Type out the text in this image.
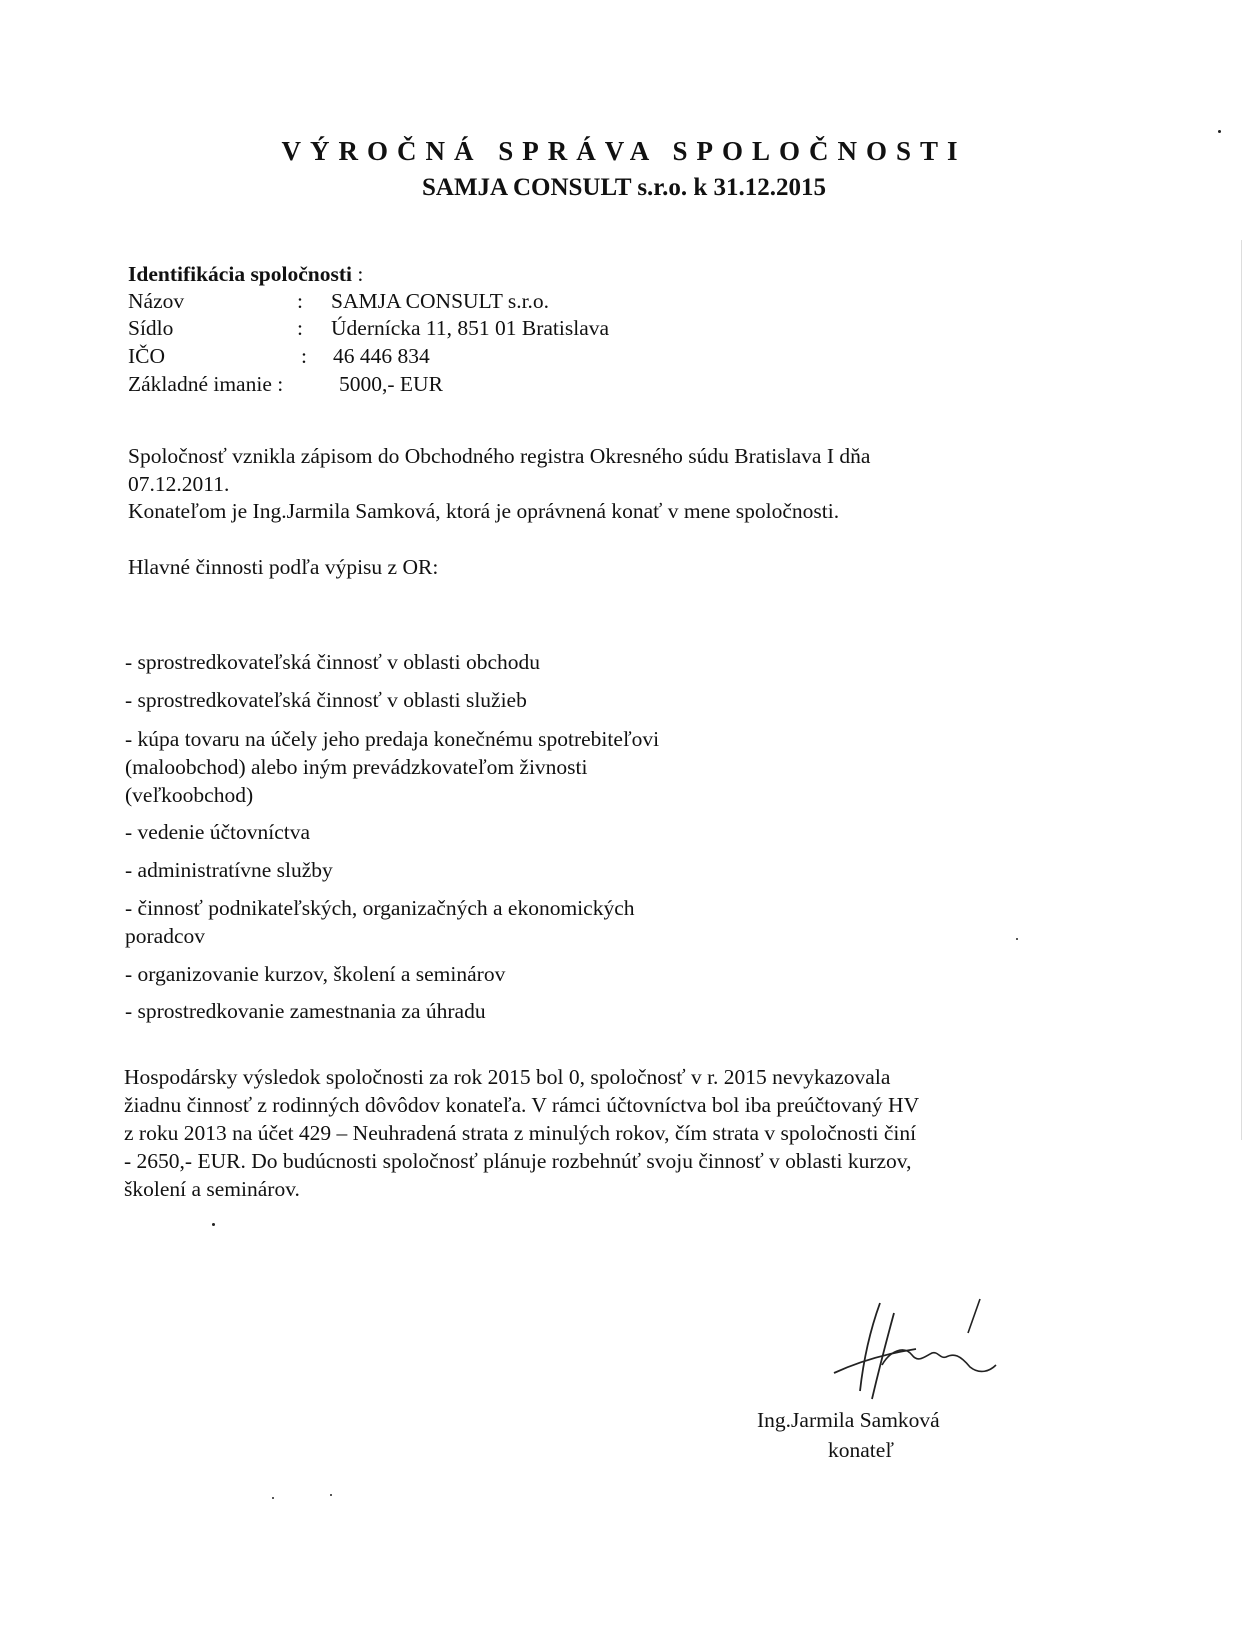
VÝROČNÁ SPRÁVA SPOLOČNOSTI
SAMJA CONSULT s.r.o. k 31.12.2015
Identifikácia spoločnosti :
Názov	: SAMJA CONSULT s.r.o.
Sídlo	: Údernícka 11, 851 01 Bratislava
IČO	: 46 446 834
Základné imanie :	5000,- EUR
Spoločnosť vznikla zápisom do Obchodného registra Okresného súdu Bratislava I dňa
07.12.2011.
Konateľom je Ing.Jarmila Samková, ktorá je oprávnená konať v mene spoločnosti.
Hlavné činnosti podľa výpisu z OR:
- sprostredkovateľská činnosť v oblasti obchodu
- sprostredkovateľská činnosť v oblasti služieb
- kúpa tovaru na účely jeho predaja konečnému spotrebiteľovi
(maloobchod) alebo iným prevádzkovateľom živnosti
(veľkoobchod)
- vedenie účtovníctva
- administratívne služby
- činnosť podnikateľských, organizačných a ekonomických
poradcov
- organizovanie kurzov, školení a seminárov
- sprostredkovanie zamestnania za úhradu
Hospodársky výsledok spoločnosti za rok 2015 bol 0, spoločnosť v r. 2015 nevykazovala
žiadnu činnosť z rodinných dôvôdov konateľa. V rámci účtovníctva bol iba preúčtovaný HV
z roku 2013 na účet 429 – Neuhradená strata z minulých rokov, čím strata v spoločnosti činí
- 2650,- EUR. Do budúcnosti spoločnosť plánuje rozbehnúť svoju činnosť v oblasti kurzov,
školení a seminárov.
Ing.Jarmila Samková
konateľ
